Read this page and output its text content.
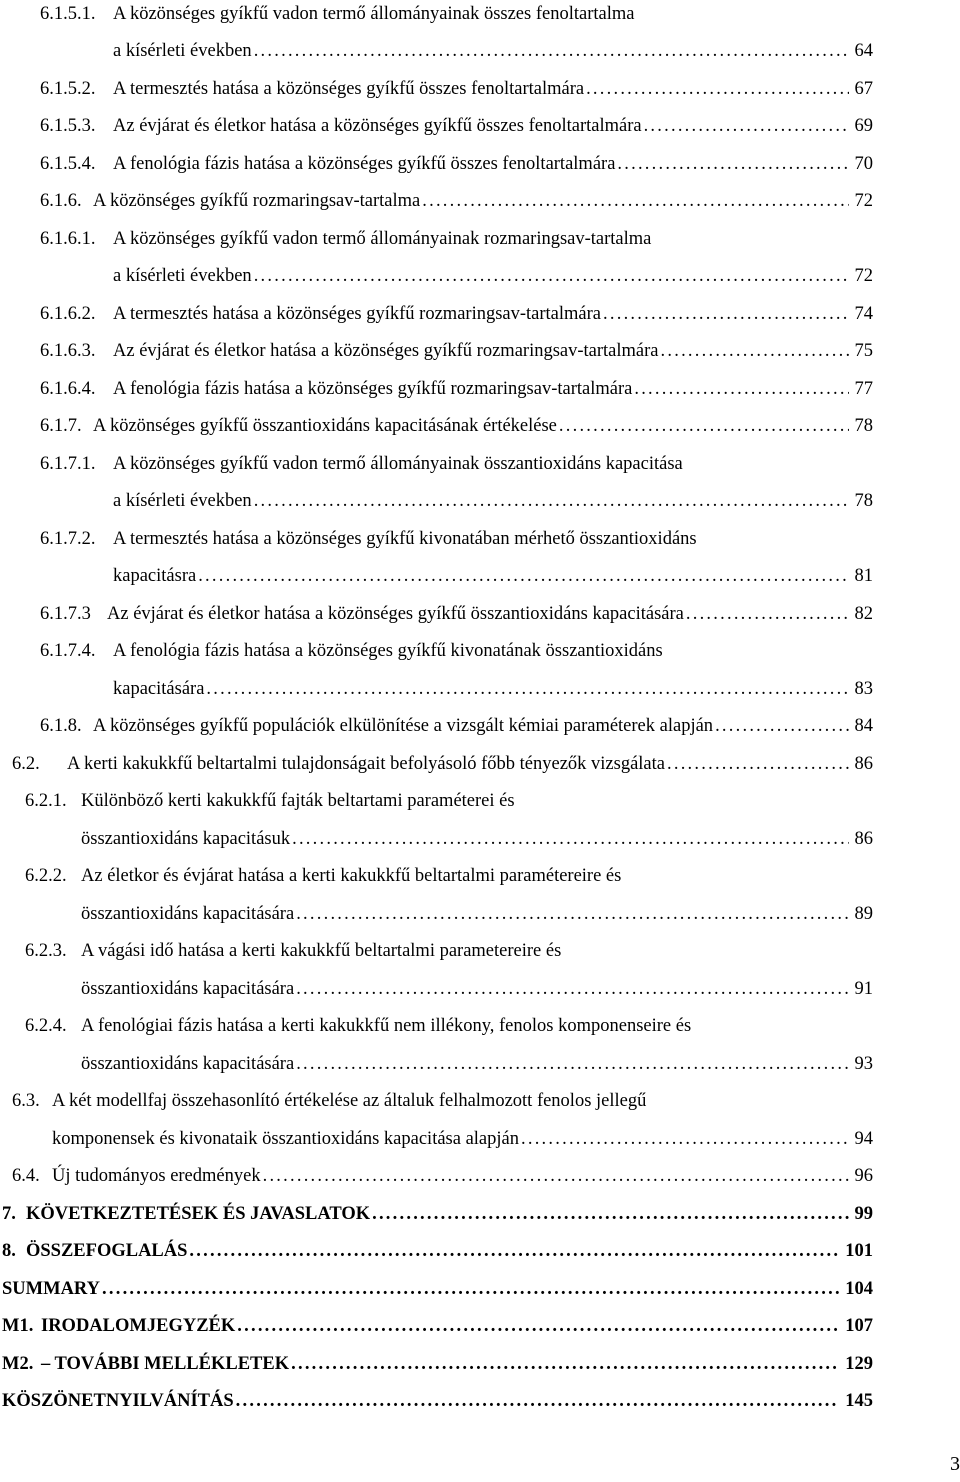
6.1.5.1. A közönséges gyíkfű vadon termő állományainak összes fenoltartalma
a kísérleti években	64
. . .
6.1.5.2. A termesztés hatása a közönséges gyíkfű összes fenoltartalmára	67
. . .
6.1.5.3. Az évjárat és életkor hatása a közönséges gyíkfű összes fenoltartalmára	69
. . .
6.1.5.4. A fenológia fázis hatása a közönséges gyíkfű összes fenoltartalmára	70
. . .
6.1.6. A közönséges gyíkfű rozmaringsav-tartalma	72
. . .
6.1.6.1. A közönséges gyíkfű vadon termő állományainak rozmaringsav-tartalma
a kísérleti években	72
. . .
6.1.6.2. A termesztés hatása a közönséges gyíkfű rozmaringsav-tartalmára	74
. . .
6.1.6.3. Az évjárat és életkor hatása a közönséges gyíkfű rozmaringsav-tartalmára	75
. . .
6.1.6.4. A fenológia fázis hatása a közönséges gyíkfű rozmaringsav-tartalmára	77
. . .
6.1.7. A közönséges gyíkfű összantioxidáns kapacitásának értékelése	78
. . .
6.1.7.1. A közönséges gyíkfű vadon termő állományainak összantioxidáns kapacitása
a kísérleti években	78
. . .
6.1.7.2. A termesztés hatása a közönséges gyíkfű kivonatában mérhető összantioxidáns
kapacitásra	81
. . .
6.1.7.3 Az évjárat és életkor hatása a közönséges gyíkfű összantioxidáns kapacitására	82
. . .
6.1.7.4. A fenológia fázis hatása a közönséges gyíkfű kivonatának összantioxidáns
kapacitására	83
. . .
6.1.8. A közönséges gyíkfű populációk elkülönítése a vizsgált kémiai paraméterek alapján	84
. . .
6.2. A kerti kakukkfű beltartalmi tulajdonságait befolyásoló főbb tényezők vizsgálata	86
. . .
6.2.1. Különböző kerti kakukkfű fajták beltartami paraméterei és
összantioxidáns kapacitásuk	86
. . .
6.2.2. Az életkor és évjárat hatása a kerti kakukkfű beltartalmi paramétereire és
összantioxidáns kapacitására	89
. . .
6.2.3. A vágási idő hatása a kerti kakukkfű beltartalmi parametereire és
összantioxidáns kapacitására	91
. . .
6.2.4. A fenológiai fázis hatása a kerti kakukkfű nem illékony, fenolos komponenseire és
összantioxidáns kapacitására	93
. . .
6.3. A két modellfaj összehasonlító értékelése az általuk felhalmozott fenolos jellegű
komponensek és kivonataik összantioxidáns kapacitása alapján	94
. . .
6.4. Új tudományos eredmények	96
. . .
7. KÖVETKEZTETÉSEK ÉS JAVASLATOK	99
. . .
8. ÖSSZEFOGLALÁS	101
. . .
SUMMARY	104
. . .
M1. IRODALOMJEGYZÉK	107
. . .
M2. – TOVÁBBI MELLÉKLETEK	129
. . .
KÖSZÖNETNYILVÁNÍTÁS	145
. . .
3
